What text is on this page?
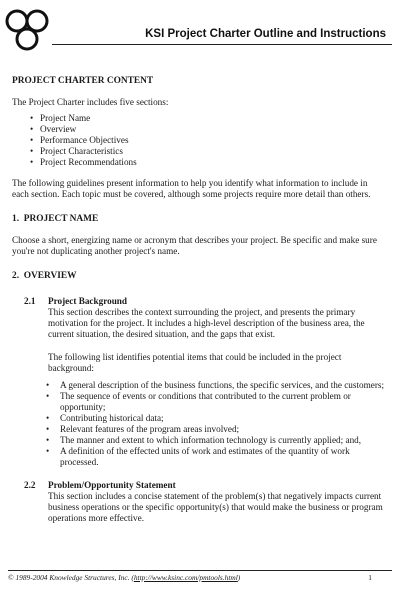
KSI Project Charter Outline and Instructions

PROJECT CHARTER CONTENT

The Project Charter includes five sections:

• Project Name
• Overview
• Performance Objectives
• Project Characteristics
• Project Recommendations

The following guidelines present information to help you identify what information to include in each section. Each topic must be covered, although some projects require more detail than others.

1. PROJECT NAME

Choose a short, energizing name or acronym that describes your project. Be specific and make sure you're not duplicating another project's name.

2. OVERVIEW

2.1	Project Background

This section describes the context surrounding the project, and presents the primary motivation for the project. It includes a high-level description of the business area, the current situation, the desired situation, and the gaps that exist.

The following list identifies potential items that could be included in the project background:

• A general description of the business functions, the specific services, and the customers;
• The sequence of events or conditions that contributed to the current problem or opportunity;
• Contributing historical data;
• Relevant features of the program areas involved;
• The manner and extent to which information technology is currently applied; and,
• A definition of the effected units of work and estimates of the quantity of work processed.
2.2	Problem/Opportunity Statement

This section includes a concise statement of the problem(s) that negatively impacts current business operations or the specific opportunity(s) that would make the business or program operations more effective.

© 1989-2004 Knowledge Structures, Inc. (http://www.ksinc.com/pmtools.html)	1
